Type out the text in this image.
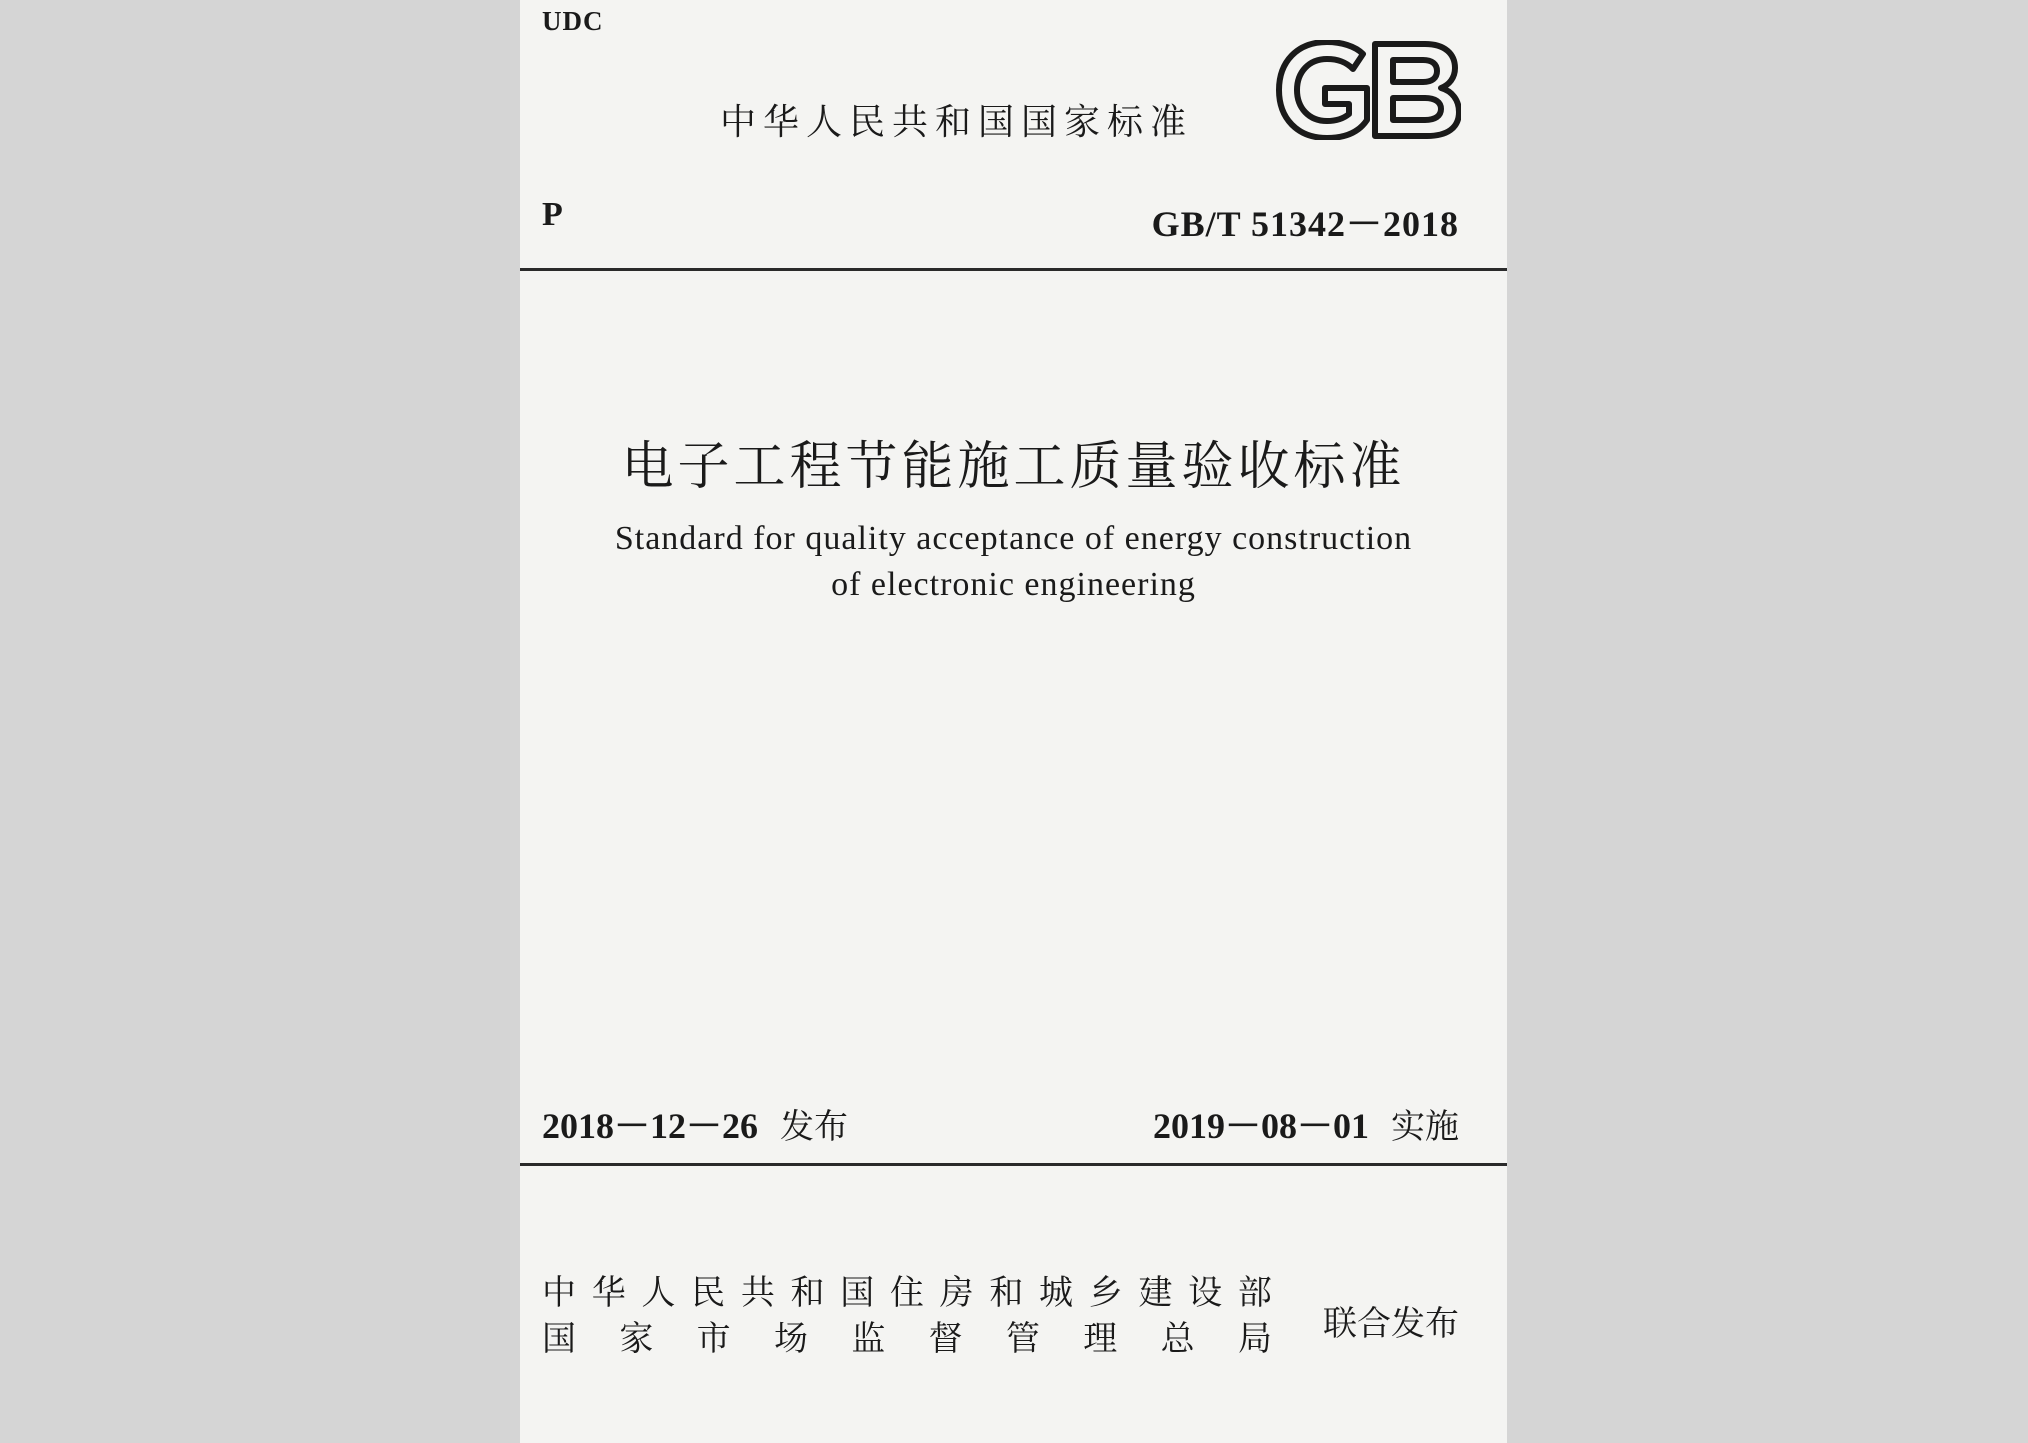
UDC
中华人民共和国国家标准
P	GB/T 51342－2018
电子工程节能施工质量验收标准
Standard for quality acceptance of energy construction
of electronic engineering
2018－12－26 发布	2019－08－01 实施
中 华 人 民 共 和 国 住 房 和 城 乡 建 设 部
国 家 市 场 监 督 管 理 总 局 联合发布
